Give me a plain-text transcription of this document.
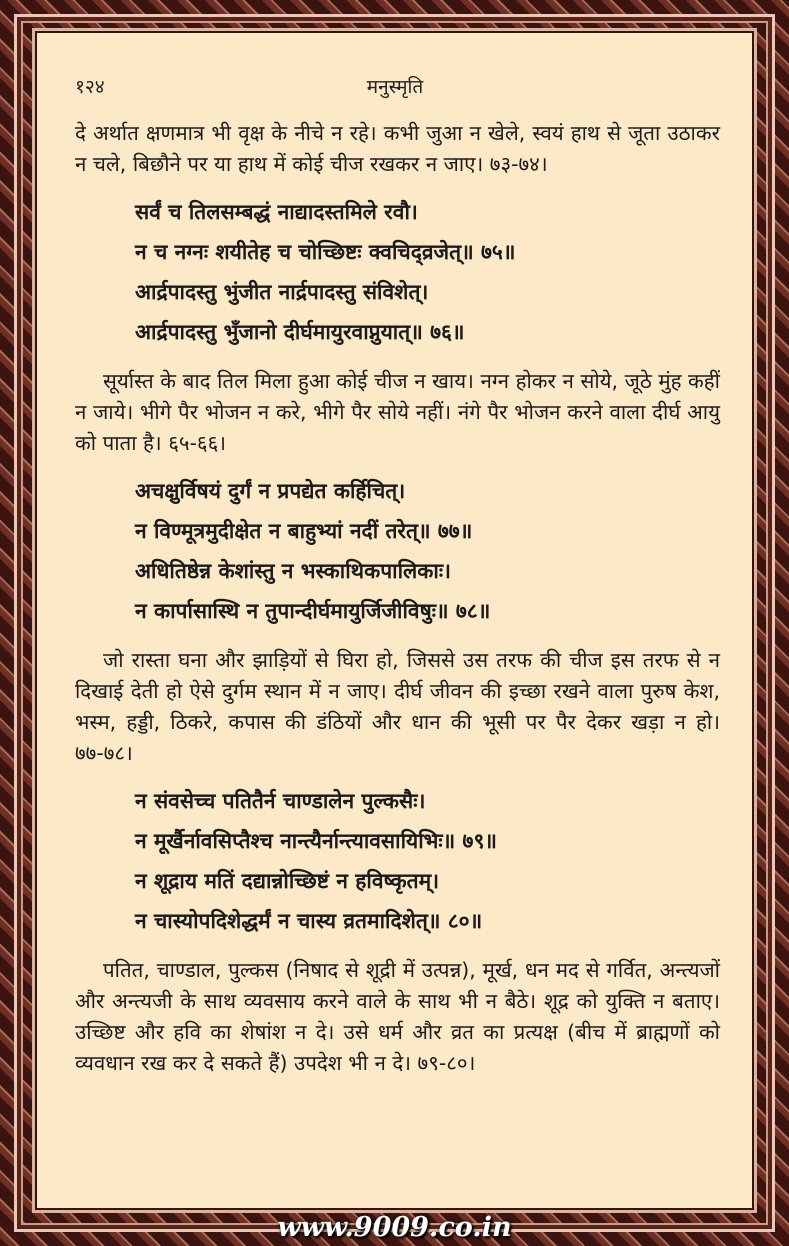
१२४	मनुस्मृति

दे अर्थात क्षणमात्र भी वृक्ष के नीचे न रहे। कभी जुआ न खेले, स्वयं हाथ से जूता उठाकर न चले, बिछौने पर या हाथ में कोई चीज रखकर न जाए। ७३-७४।

सर्वं च तिलसम्बद्धं नाद्यादस्तमिले रवौ।
न च नग्नः शयीतेह च चोच्छिष्टः क्वचिद्व्रजेत्॥ ७५॥
आर्द्रपादस्तु भुंजीत नार्द्रपादस्तु संविशेत्।
आर्द्रपादस्तु भुँजानो दीर्घमायुरवाप्नुयात्॥ ७६॥

सूर्यास्त के बाद तिल मिला हुआ कोई चीज न खाय। नग्न होकर न सोये, जूठे मुंह कहीं न जाये। भीगे पैर भोजन न करे, भीगे पैर सोये नहीं। नंगे पैर भोजन करने वाला दीर्घ आयु को पाता है। ६५-६६।

अचक्षुर्विषयं दुर्गं न प्रपद्येत कर्हिचित्।
न विण्मूत्रमुदीक्षेत न बाहुभ्यां नदीं तरेत्॥ ७७॥
अधितिष्ठेन्न केशांस्तु न भस्काथिकपालिकाः।
न कार्पासास्थि न तुपान्दीर्घमायुर्जिजीविषुः॥ ७८॥

जो रास्ता घना और झाड़ियों से घिरा हो, जिससे उस तरफ की चीज इस तरफ से न दिखाई देती हो ऐसे दुर्गम स्थान में न जाए। दीर्घ जीवन की इच्छा रखने वाला पुरुष केश, भस्म, हड्डी, ठिकरे, कपास की डंठियों और धान की भूसी पर पैर देकर खड़ा न हो। ७७-७८।

न संवसेच्च पतितैर्न चाण्डालेन पुल्कसैः।
न मूर्खैर्नावसिप्तैश्च नान्त्यैर्नान्त्यावसायिभिः॥ ७९॥
न शूद्राय मतिं दद्यान्नोच्छिष्टं न हविष्कृतम्।
न चास्योपदिशेद्धर्मं न चास्य व्रतमादिशेत्॥ ८०॥

पतित, चाण्डाल, पुल्कस (निषाद से शूद्री में उत्पन्न), मूर्ख, धन मद से गर्वित, अन्त्यजों और अन्त्यजी के साथ व्यवसाय करने वाले के साथ भी न बैठे। शूद्र को युक्ति न बताए। उच्छिष्ट और हवि का शेषांश न दे। उसे धर्म और व्रत का प्रत्यक्ष (बीच में ब्राह्मणों को व्यवधान रख कर दे सकते हैं) उपदेश भी न दे। ७९-८०।

www.9009.co.in
